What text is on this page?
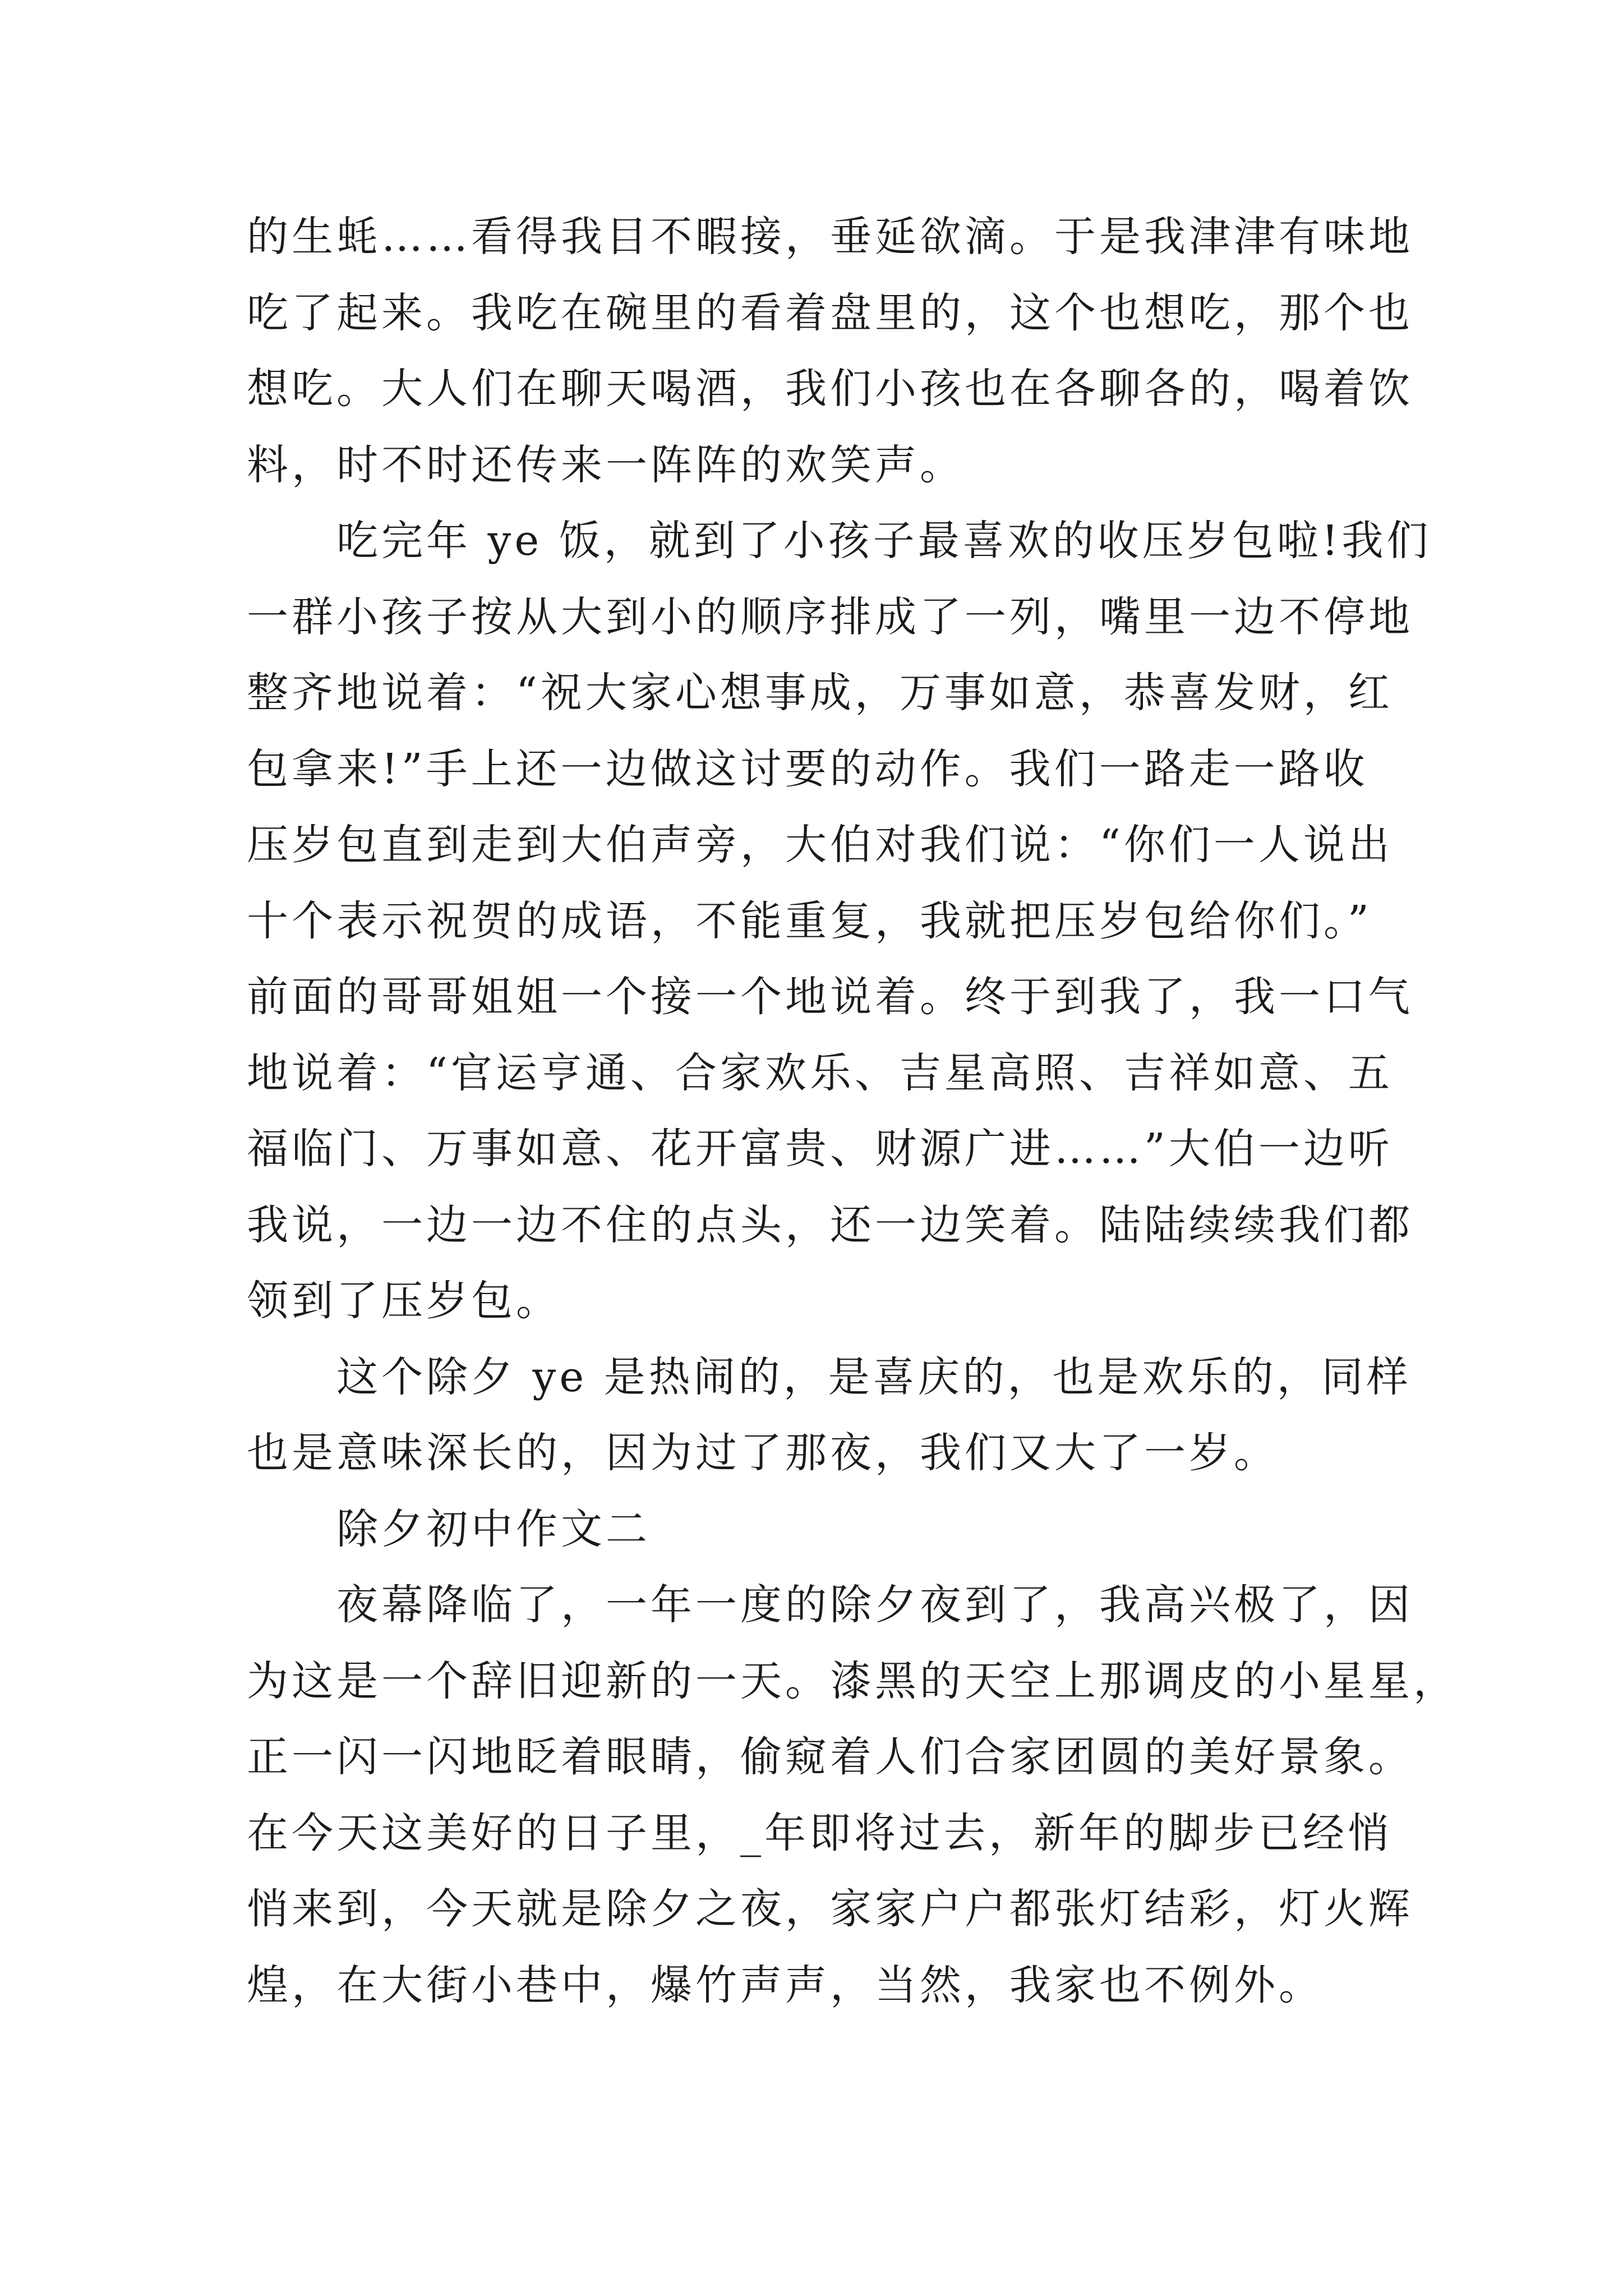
的生蚝……看得我目不暇接，垂延欲滴。于是我津津有味地
吃了起来。我吃在碗里的看着盘里的，这个也想吃，那个也
想吃。大人们在聊天喝酒，我们小孩也在各聊各的，喝着饮
料，时不时还传来一阵阵的欢笑声。
吃完年 ye 饭，就到了小孩子最喜欢的收压岁包啦!我们
一群小孩子按从大到小的顺序排成了一列，嘴里一边不停地
整齐地说着：“祝大家心想事成，万事如意，恭喜发财，红
包拿来!”手上还一边做这讨要的动作。我们一路走一路收
压岁包直到走到大伯声旁，大伯对我们说：“你们一人说出
十个表示祝贺的成语，不能重复，我就把压岁包给你们。”
前面的哥哥姐姐一个接一个地说着。终于到我了，我一口气
地说着：“官运亨通、合家欢乐、吉星高照、吉祥如意、五
福临门、万事如意、花开富贵、财源广进……”大伯一边听
我说，一边一边不住的点头，还一边笑着。陆陆续续我们都
领到了压岁包。
这个除夕 ye 是热闹的，是喜庆的，也是欢乐的，同样
也是意味深长的，因为过了那夜，我们又大了一岁。
除夕初中作文二
夜幕降临了，一年一度的除夕夜到了，我高兴极了，因
为这是一个辞旧迎新的一天。漆黑的天空上那调皮的小星星，
正一闪一闪地眨着眼睛，偷窥着人们合家团圆的美好景象。
在今天这美好的日子里，_年即将过去，新年的脚步已经悄
悄来到，今天就是除夕之夜，家家户户都张灯结彩，灯火辉
煌，在大街小巷中，爆竹声声，当然，我家也不例外。
